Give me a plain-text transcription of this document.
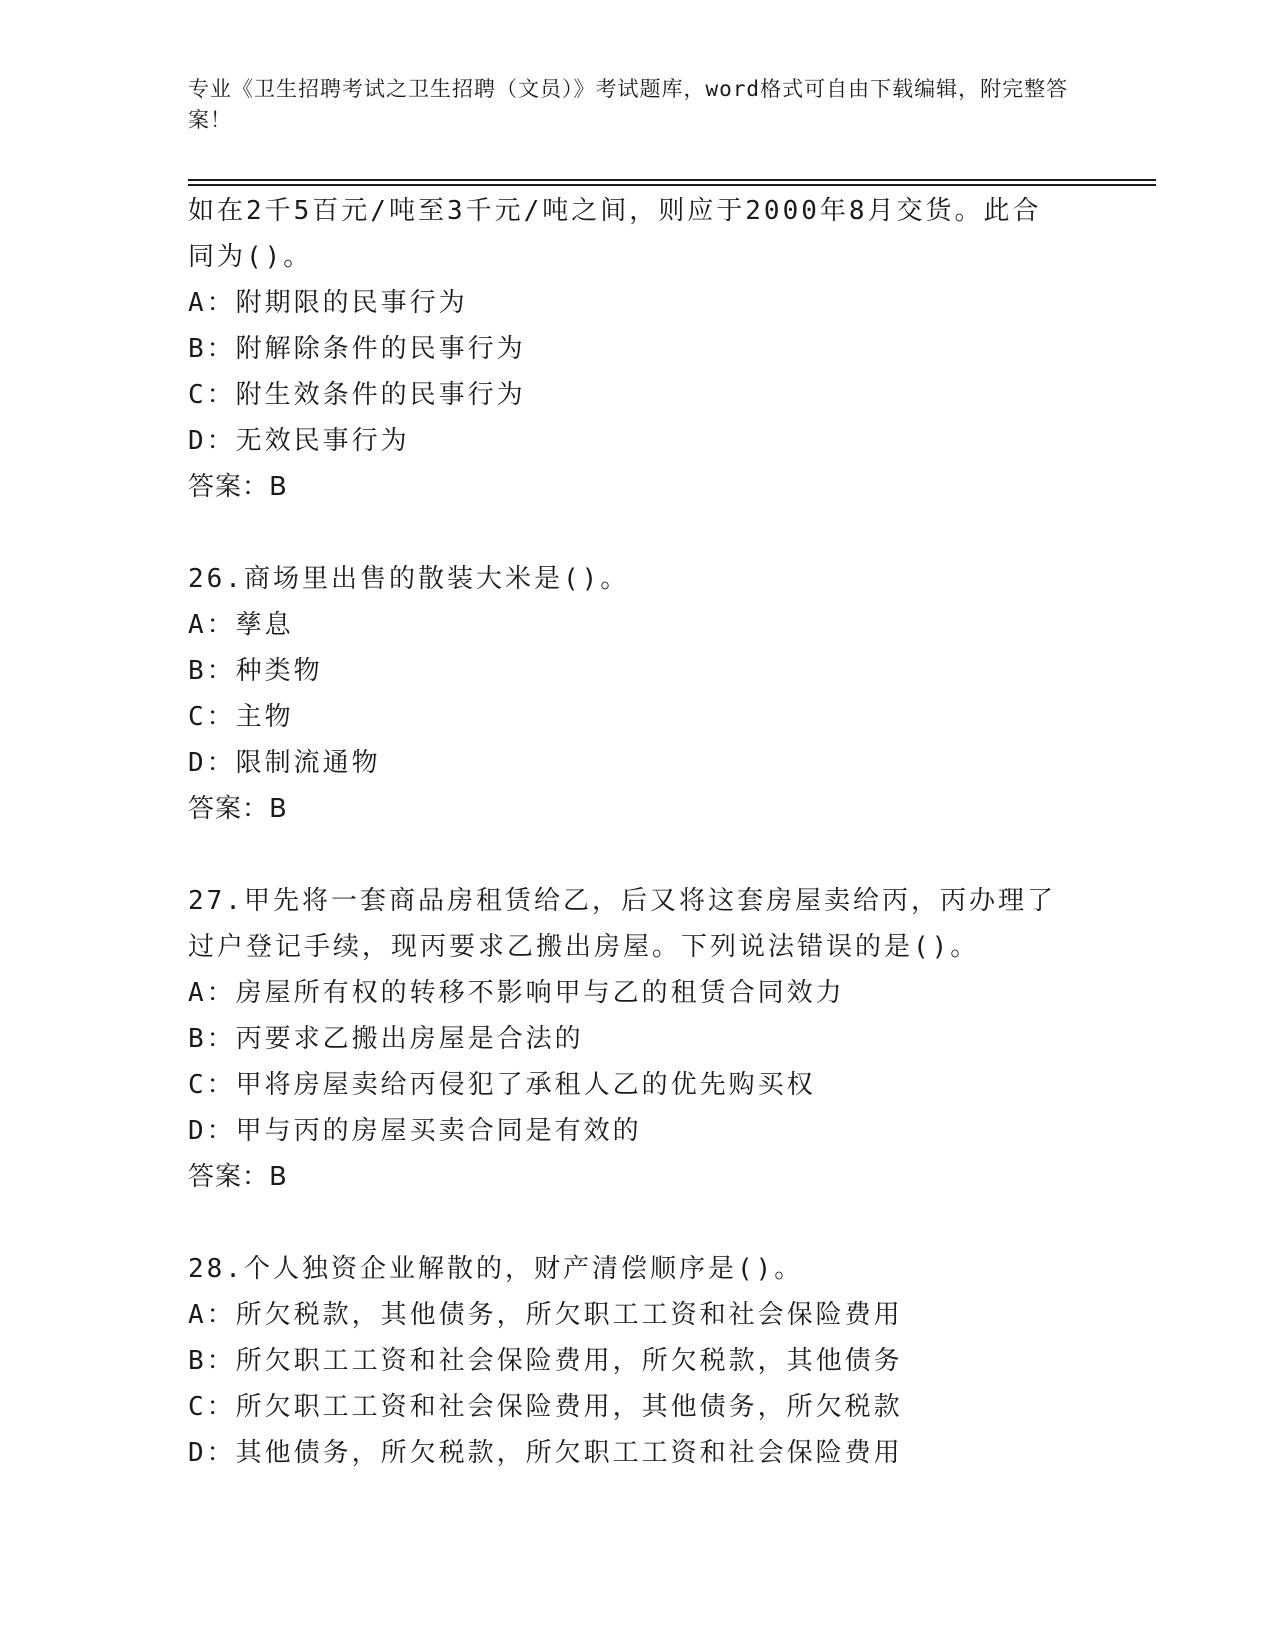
专业《卫生招聘考试之卫生招聘（文员）》考试题库，word格式可自由下载编辑，附完整答案！
如在2千5百元/吨至3千元/吨之间，则应于2000年8月交货。此合同为()。
A：附期限的民事行为
B：附解除条件的民事行为
C：附生效条件的民事行为
D：无效民事行为
答案：B
26.商场里出售的散装大米是()。
A：孳息
B：种类物
C：主物
D：限制流通物
答案：B
27.甲先将一套商品房租赁给乙，后又将这套房屋卖给丙，丙办理了过户登记手续，现丙要求乙搬出房屋。下列说法错误的是()。
A：房屋所有权的转移不影响甲与乙的租赁合同效力
B：丙要求乙搬出房屋是合法的
C：甲将房屋卖给丙侵犯了承租人乙的优先购买权
D：甲与丙的房屋买卖合同是有效的
答案：B
28.个人独资企业解散的，财产清偿顺序是()。
A：所欠税款，其他债务，所欠职工工资和社会保险费用
B：所欠职工工资和社会保险费用，所欠税款，其他债务
C：所欠职工工资和社会保险费用，其他债务，所欠税款
D：其他债务，所欠税款，所欠职工工资和社会保险费用
